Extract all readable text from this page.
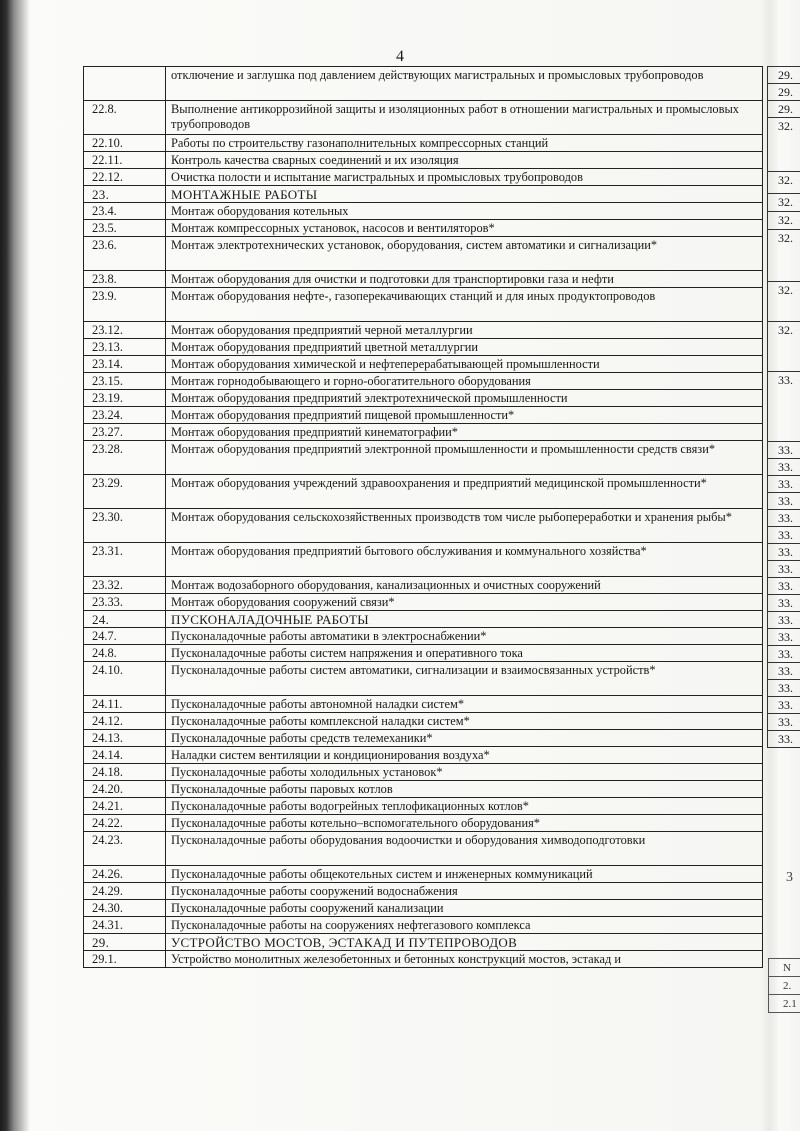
4
	отключение и заглушка под давлением действующих магистральных и промысловых трубопроводов
22.8.	Выполнение антикоррозийной защиты и изоляционных работ в отношении магистральных и промысловых трубопроводов
22.10.	Работы по строительству газонаполнительных компрессорных станций
22.11.	Контроль качества сварных соединений и их изоляция
22.12.	Очистка полости и испытание магистральных и промысловых трубопроводов
23.	МОНТАЖНЫЕ РАБОТЫ
23.4.	Монтаж оборудования котельных
23.5.	Монтаж компрессорных установок, насосов и вентиляторов*
23.6.	Монтаж электротехнических установок, оборудования, систем автоматики и сигнализации*
23.8.	Монтаж оборудования для очистки и подготовки для транспортировки газа и нефти
23.9.	Монтаж оборудования нефте-, газоперекачивающих станций и для иных продуктопроводов
23.12.	Монтаж оборудования предприятий черной металлургии
23.13.	Монтаж оборудования предприятий цветной металлургии
23.14.	Монтаж оборудования химической и нефтеперерабатывающей промышленности
23.15.	Монтаж горнодобывающего и горно-обогатительного оборудования
23.19.	Монтаж оборудования предприятий электротехнической промышленности
23.24.	Монтаж оборудования предприятий пищевой промышленности*
23.27.	Монтаж оборудования предприятий кинематографии*
23.28.	Монтаж оборудования предприятий электронной промышленности и промышленности средств связи*
23.29.	Монтаж оборудования учреждений здравоохранения и предприятий медицинской промышленности*
23.30.	Монтаж оборудования сельскохозяйственных производств том числе рыбопереработки и хранения рыбы*
23.31.	Монтаж оборудования предприятий бытового обслуживания и коммунального хозяйства*
23.32.	Монтаж водозаборного оборудования, канализационных и очистных сооружений
23.33.	Монтаж оборудования сооружений связи*
24.	ПУСКОНАЛАДОЧНЫЕ РАБОТЫ
24.7.	Пусконаладочные работы автоматики в электроснабжении*
24.8.	Пусконаладочные работы систем напряжения и оперативного тока
24.10.	Пусконаладочные работы систем автоматики, сигнализации и взаимосвязанных устройств*
24.11.	Пусконаладочные работы автономной наладки систем*
24.12.	Пусконаладочные работы комплексной наладки систем*
24.13.	Пусконаладочные работы средств телемеханики*
24.14.	Наладки систем вентиляции и кондиционирования воздуха*
24.18.	Пусконаладочные работы холодильных установок*
24.20.	Пусконаладочные работы паровых котлов
24.21.	Пусконаладочные работы водогрейных теплофикационных котлов*
24.22.	Пусконаладочные работы котельно–вспомогательного оборудования*
24.23.	Пусконаладочные работы оборудования водоочистки и оборудования химводоподготовки
24.26.	Пусконаладочные работы общекотельных систем и инженерных коммуникаций
24.29.	Пусконаладочные работы сооружений водоснабжения
24.30.	Пусконаладочные работы сооружений канализации
24.31.	Пусконаладочные работы на сооружениях нефтегазового комплекса
29.	УСТРОЙСТВО МОСТОВ, ЭСТАКАД И ПУТЕПРОВОДОВ
29.1.	Устройство монолитных железобетонных и бетонных конструкций мостов, эстакад и
29.
29.
29.
32.
32.
32.
32.
32.
32.
32.
33.
33.
33.
33.
33.
33.
33.
33.
33.
33.
33.
33.
33.
33.
33.
33.
33.
33.
33.
3
N
2.
2.1
